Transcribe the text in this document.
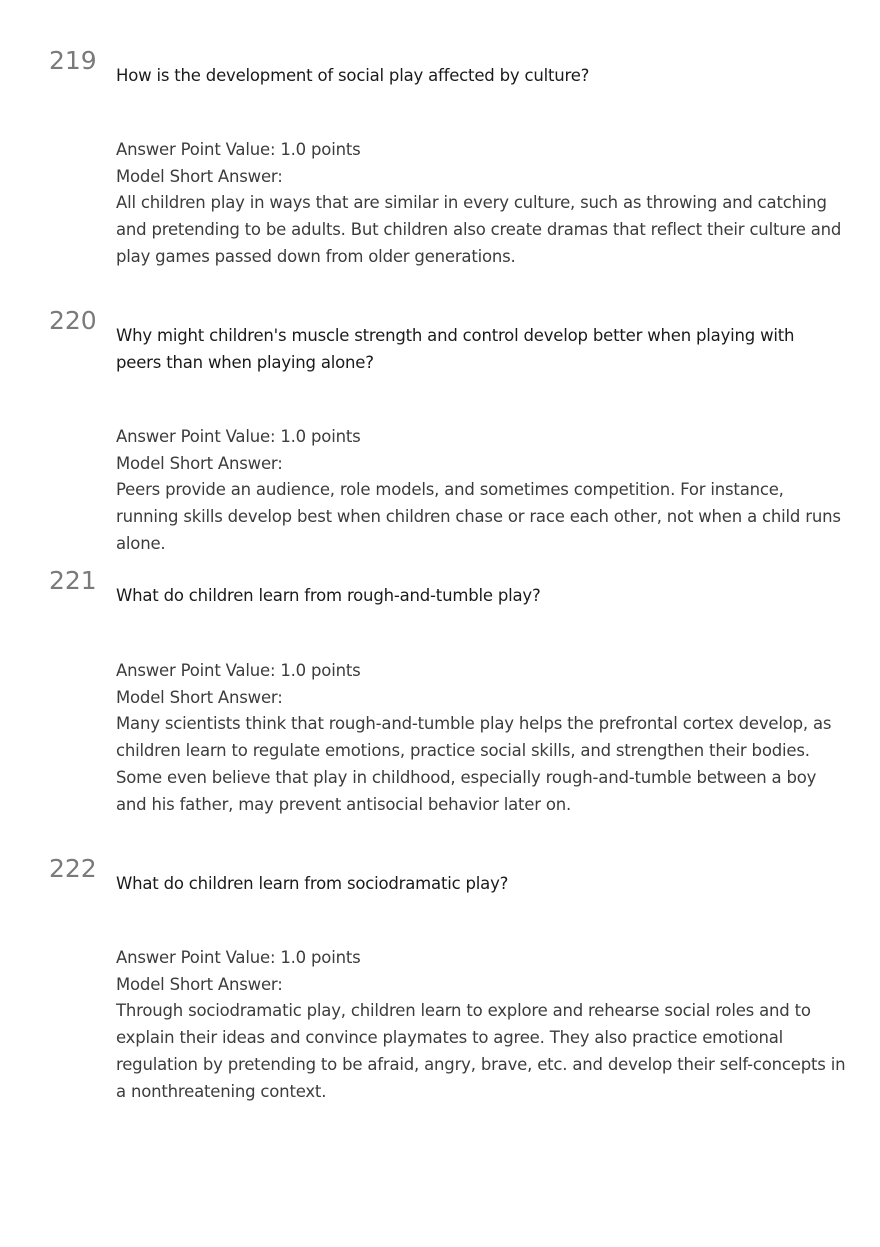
219
How is the development of social play affected by culture?
Answer Point Value: 1.0 points
Model Short Answer:
All children play in ways that are similar in every culture, such as throwing and catching and pretending to be adults. But children also create dramas that reflect their culture and play games passed down from older generations.
220
Why might children's muscle strength and control develop better when playing with peers than when playing alone?
Answer Point Value: 1.0 points
Model Short Answer:
Peers provide an audience, role models, and sometimes competition. For instance, running skills develop best when children chase or race each other, not when a child runs alone.
221
What do children learn from rough-and-tumble play?
Answer Point Value: 1.0 points
Model Short Answer:
Many scientists think that rough-and-tumble play helps the prefrontal cortex develop, as children learn to regulate emotions, practice social skills, and strengthen their bodies. Some even believe that play in childhood, especially rough-and-tumble between a boy and his father, may prevent antisocial behavior later on.
222
What do children learn from sociodramatic play?
Answer Point Value: 1.0 points
Model Short Answer:
Through sociodramatic play, children learn to explore and rehearse social roles and to explain their ideas and convince playmates to agree. They also practice emotional regulation by pretending to be afraid, angry, brave, etc. and develop their self-concepts in a nonthreatening context.
